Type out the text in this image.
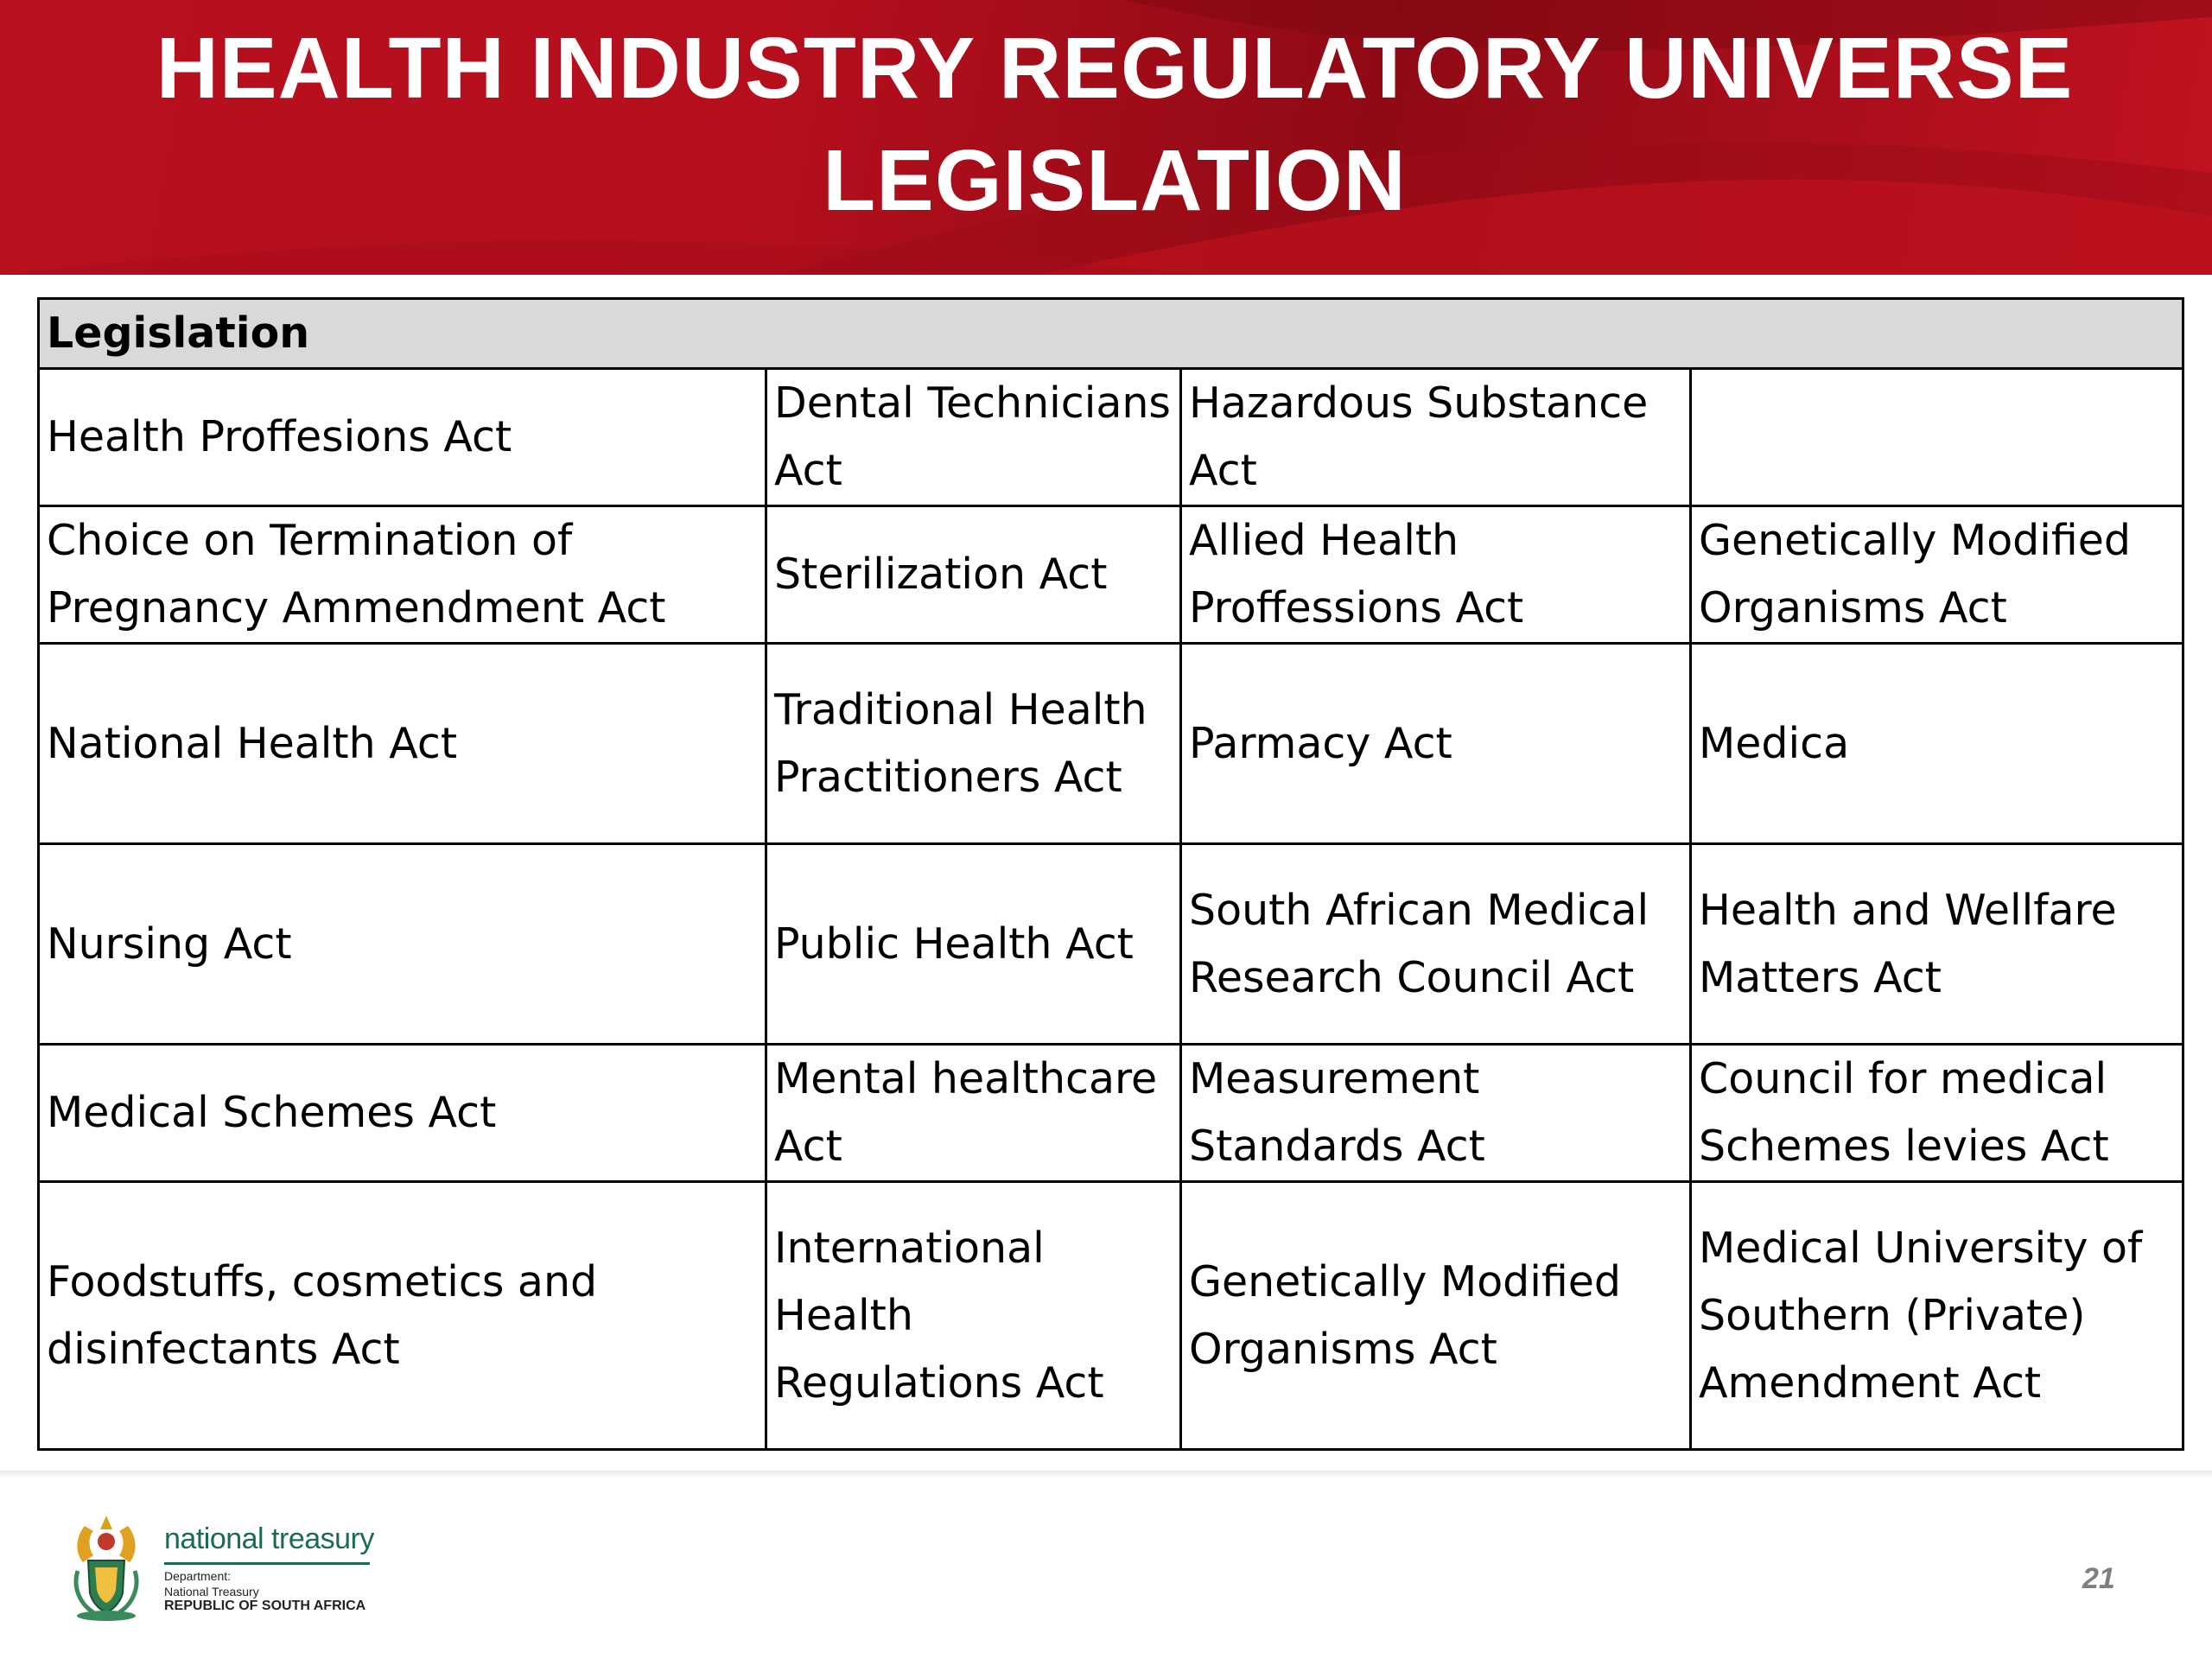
HEALTH INDUSTRY REGULATORY UNIVERSE
LEGISLATION
Legislation			
Health Proffesions Act	Dental Technicians Act	Hazardous Substance Act	
Choice on Termination of Pregnancy Ammendment Act	Sterilization Act	Allied Health Proffessions Act	Genetically Modified Organisms Act
National Health Act	Traditional Health Practitioners Act	Parmacy Act	Medica
Nursing Act	Public Health Act	South African Medical Research Council Act	Health and Wellfare Matters Act
Medical Schemes Act	Mental healthcare Act	Measurement Standards Act	Council for medical Schemes levies Act
Foodstuffs, cosmetics and disinfectants Act	International Health Regulations Act	Genetically Modified Organisms Act	Medical University of Southern (Private) Amendment Act
national treasury
Department:
National Treasury
REPUBLIC OF SOUTH AFRICA
21
